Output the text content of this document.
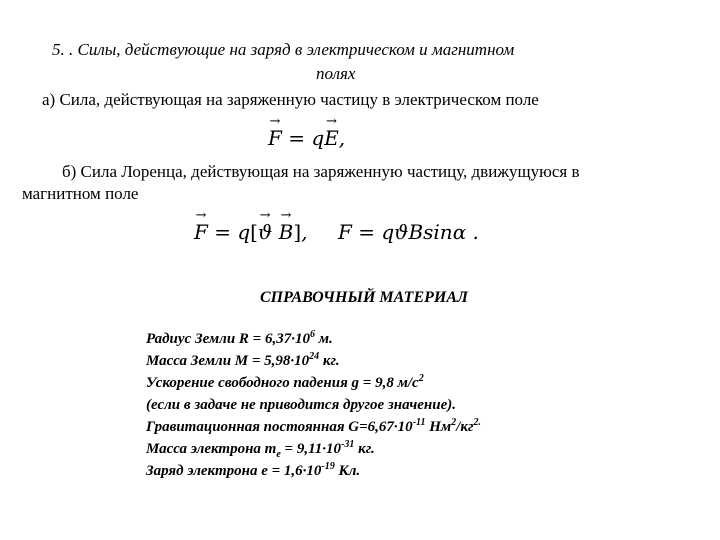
5. . Силы, действующие на заряд в электрическом и магнитном
полях
а) Сила, действующая на заряженную частицу в электрическом поле
→ F = q→ E,
б) Сила Лоренца, действующая на заряженную частицу, движущуюся в
магнитном поле
→ F = q[→ ϑ → B], F = qϑBsinα .
СПРАВОЧНЫЙ МАТЕРИАЛ
Радиус Земли $R = 6,37\cdot 10^6$ м.
Масса Земли $М = 5,98\cdot 10^{24}$ кг.
Ускорение свободного падения g = 9,8 $м/с^2$
(если в задаче не приводится другое значение).
Гравитационная постоянная $G=6,67\cdot 10^{-11}$ $Нм^2/кг^{2.}$
Масса электрона $m_e = 9,11\cdot 10^{-31}$ кг.
Заряд электрона $е = 1,6\cdot 10^{-19}$ Кл.
